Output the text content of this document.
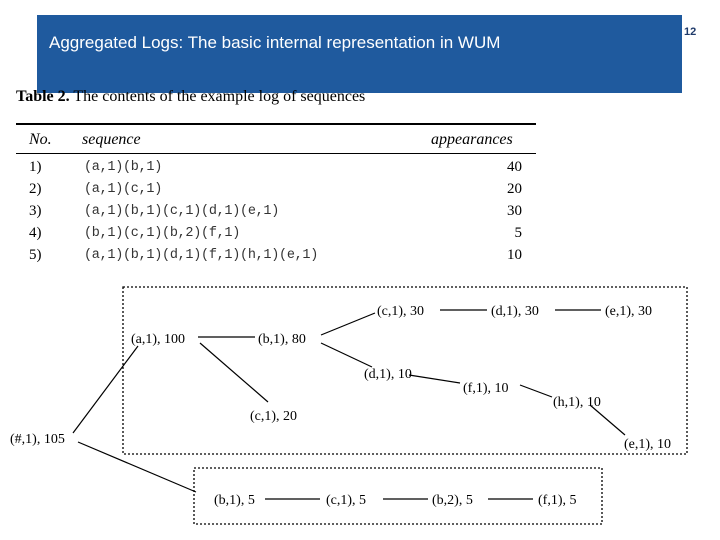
Aggregated Logs: The basic internal representation in WUM
12
Table 2. The contents of the example log of sequences
No. sequence	appearances
1)	(a,1)(b,1)	40
2)	(a,1)(c,1)	20
3)	(a,1)(b,1)(c,1)(d,1)(e,1)	30
4)	(b,1)(c,1)(b,2)(f,1)	5
5)	(a,1)(b,1)(d,1)(f,1)(h,1)(e,1)	10
(#,1), 105
(a,1), 100	(b,1), 80
(c,1), 30	(d,1), 30	(e,1), 30
(d,1), 10
(f,1), 10
(h,1), 10
(e,1), 10
(c,1), 20
(b,1), 5	(c,1), 5	(b,2), 5	(f,1), 5
